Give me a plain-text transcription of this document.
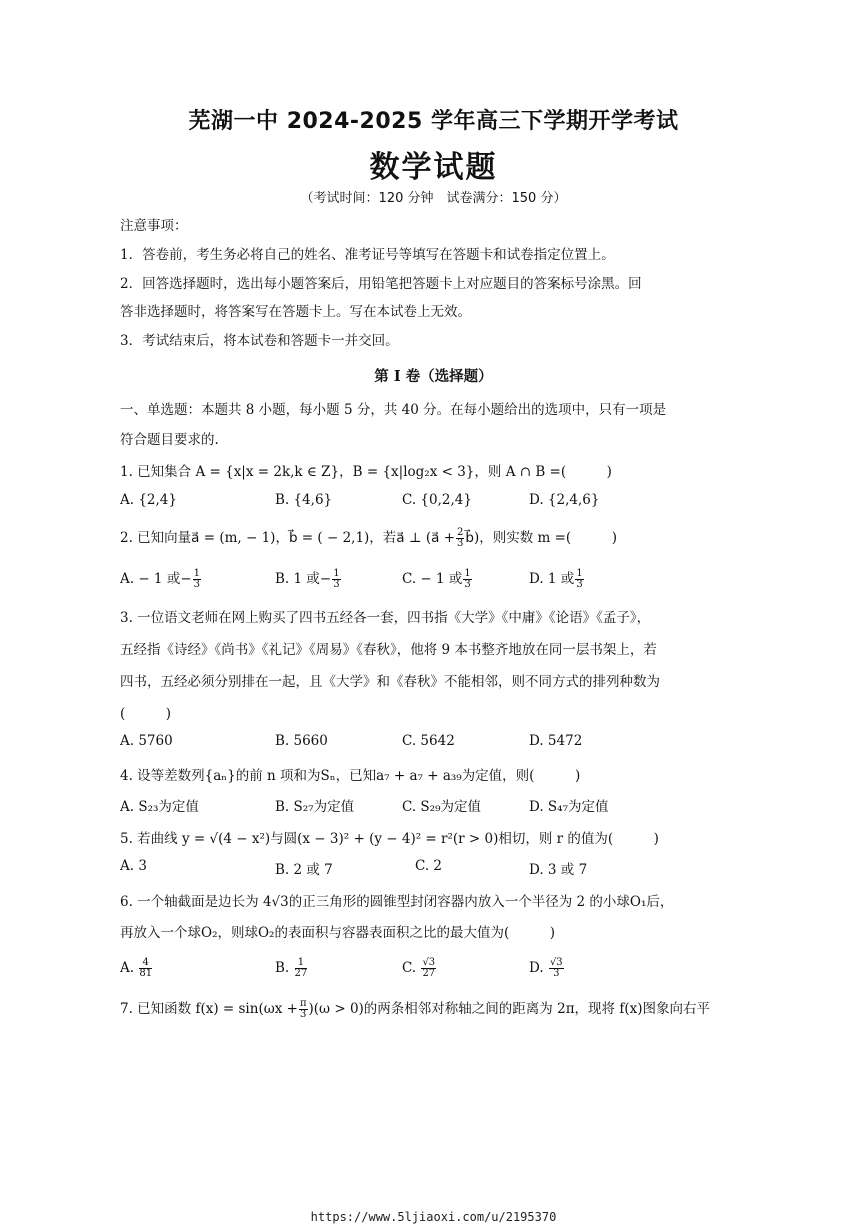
芜湖一中 2024-2025 学年高三下学期开学考试
数学试题
（考试时间：120 分钟　试卷满分：150 分）
注意事项：
1．答卷前，考生务必将自己的姓名、准考证号等填写在答题卡和试卷指定位置上。
2．回答选择题时，选出每小题答案后，用铅笔把答题卡上对应题目的答案标号涂黑。回
答非选择题时，将答案写在答题卡上。写在本试卷上无效。
3．考试结束后，将本试卷和答题卡一并交回。
第 I 卷（选择题）
一、单选题：本题共 8 小题，每小题 5 分，共 40 分。在每小题给出的选项中，只有一项是
符合题目要求的.
1. 已知集合 A = {x|x = 2k,k ∈ Z}，B = {x|log₂x < 3}，则 A ∩ B =(　　　)
A. {2,4}	B. {4,6}	C. {0,2,4}	D. {2,4,6}
2. 已知向量a⃗ = (m, − 1)，b⃗ = ( − 2,1)，若a⃗ ⊥ (a⃗ + $\frac{2}{3}$ b⃗)，则实数 m =(　　　)
A. − 1 或− $\frac{1}{3}$	B. 1 或− $\frac{1}{3}$	C. − 1 或 $\frac{1}{3}$	D. 1 或 $\frac{1}{3}$
3. 一位语文老师在网上购买了四书五经各一套，四书指《大学》《中庸》《论语》《孟子》，
五经指《诗经》《尚书》《礼记》《周易》《春秋》，他将 9 本书整齐地放在同一层书架上，若
四书，五经必须分别排在一起，且《大学》和《春秋》不能相邻，则不同方式的排列种数为
(　　　)
A. 5760	B. 5660	C. 5642	D. 5472
4. 设等差数列{aₙ}的前 n 项和为Sₙ，已知a₇ + a₇ + a₃₉为定值，则(　　　)
A. S₂₃为定值	B. S₂₇为定值	C. S₂₉为定值	D. S₄₇为定值
5. 若曲线 y = √(4 − x²)与圆(x − 3)² + (y − 4)² = r²(r > 0)相切，则 r 的值为(　　　)
A. 3	B. 2 或 7	C. 2	D. 3 或 7
6. 一个轴截面是边长为 4√3的正三角形的圆锥型封闭容器内放入一个半径为 2 的小球O₁后，
再放入一个球O₂，则球O₂的表面积与容器表面积之比的最大值为(　　　)
A. $\frac{4}{81}$	B. $\frac{1}{27}$	C. $\frac{√3}{27}$	D. $\frac{√3}{3}$
7. 已知函数 $f(x) = \sin(\omega x + \frac{\pi}{3} )(\omega > 0)$的两条相邻对称轴之间的距离为 2π，现将 f(x)图象向右平
https://www.5ljiaoxi.com/u/2195370
